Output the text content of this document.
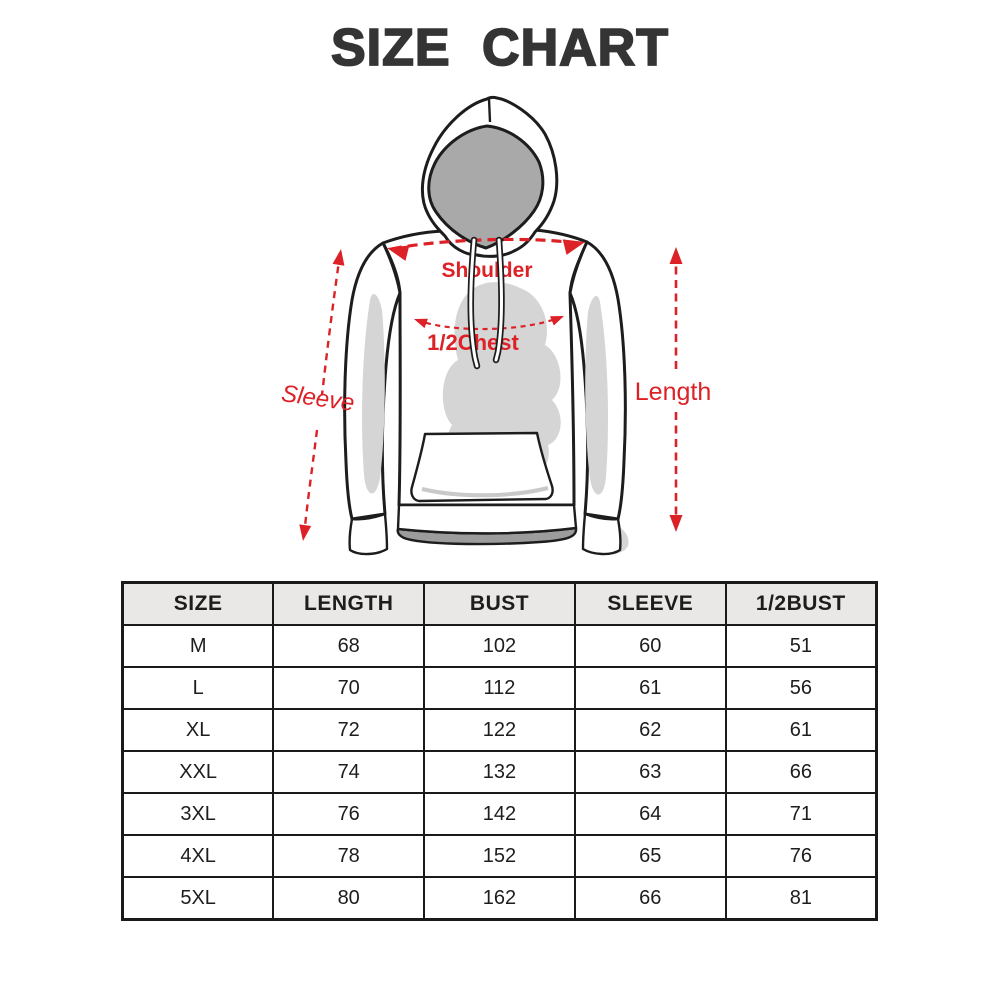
SIZE CHART
Shoulder
1/2Chest
Sleeve	Length
SIZE	LENGTH	BUST	SLEEVE	1/2BUST
M	68	102	60	51
L	70	112	61	56
XL	72	122	62	61
XXL	74	132	63	66
3XL	76	142	64	71
4XL	78	152	65	76
5XL	80	162	66	81
